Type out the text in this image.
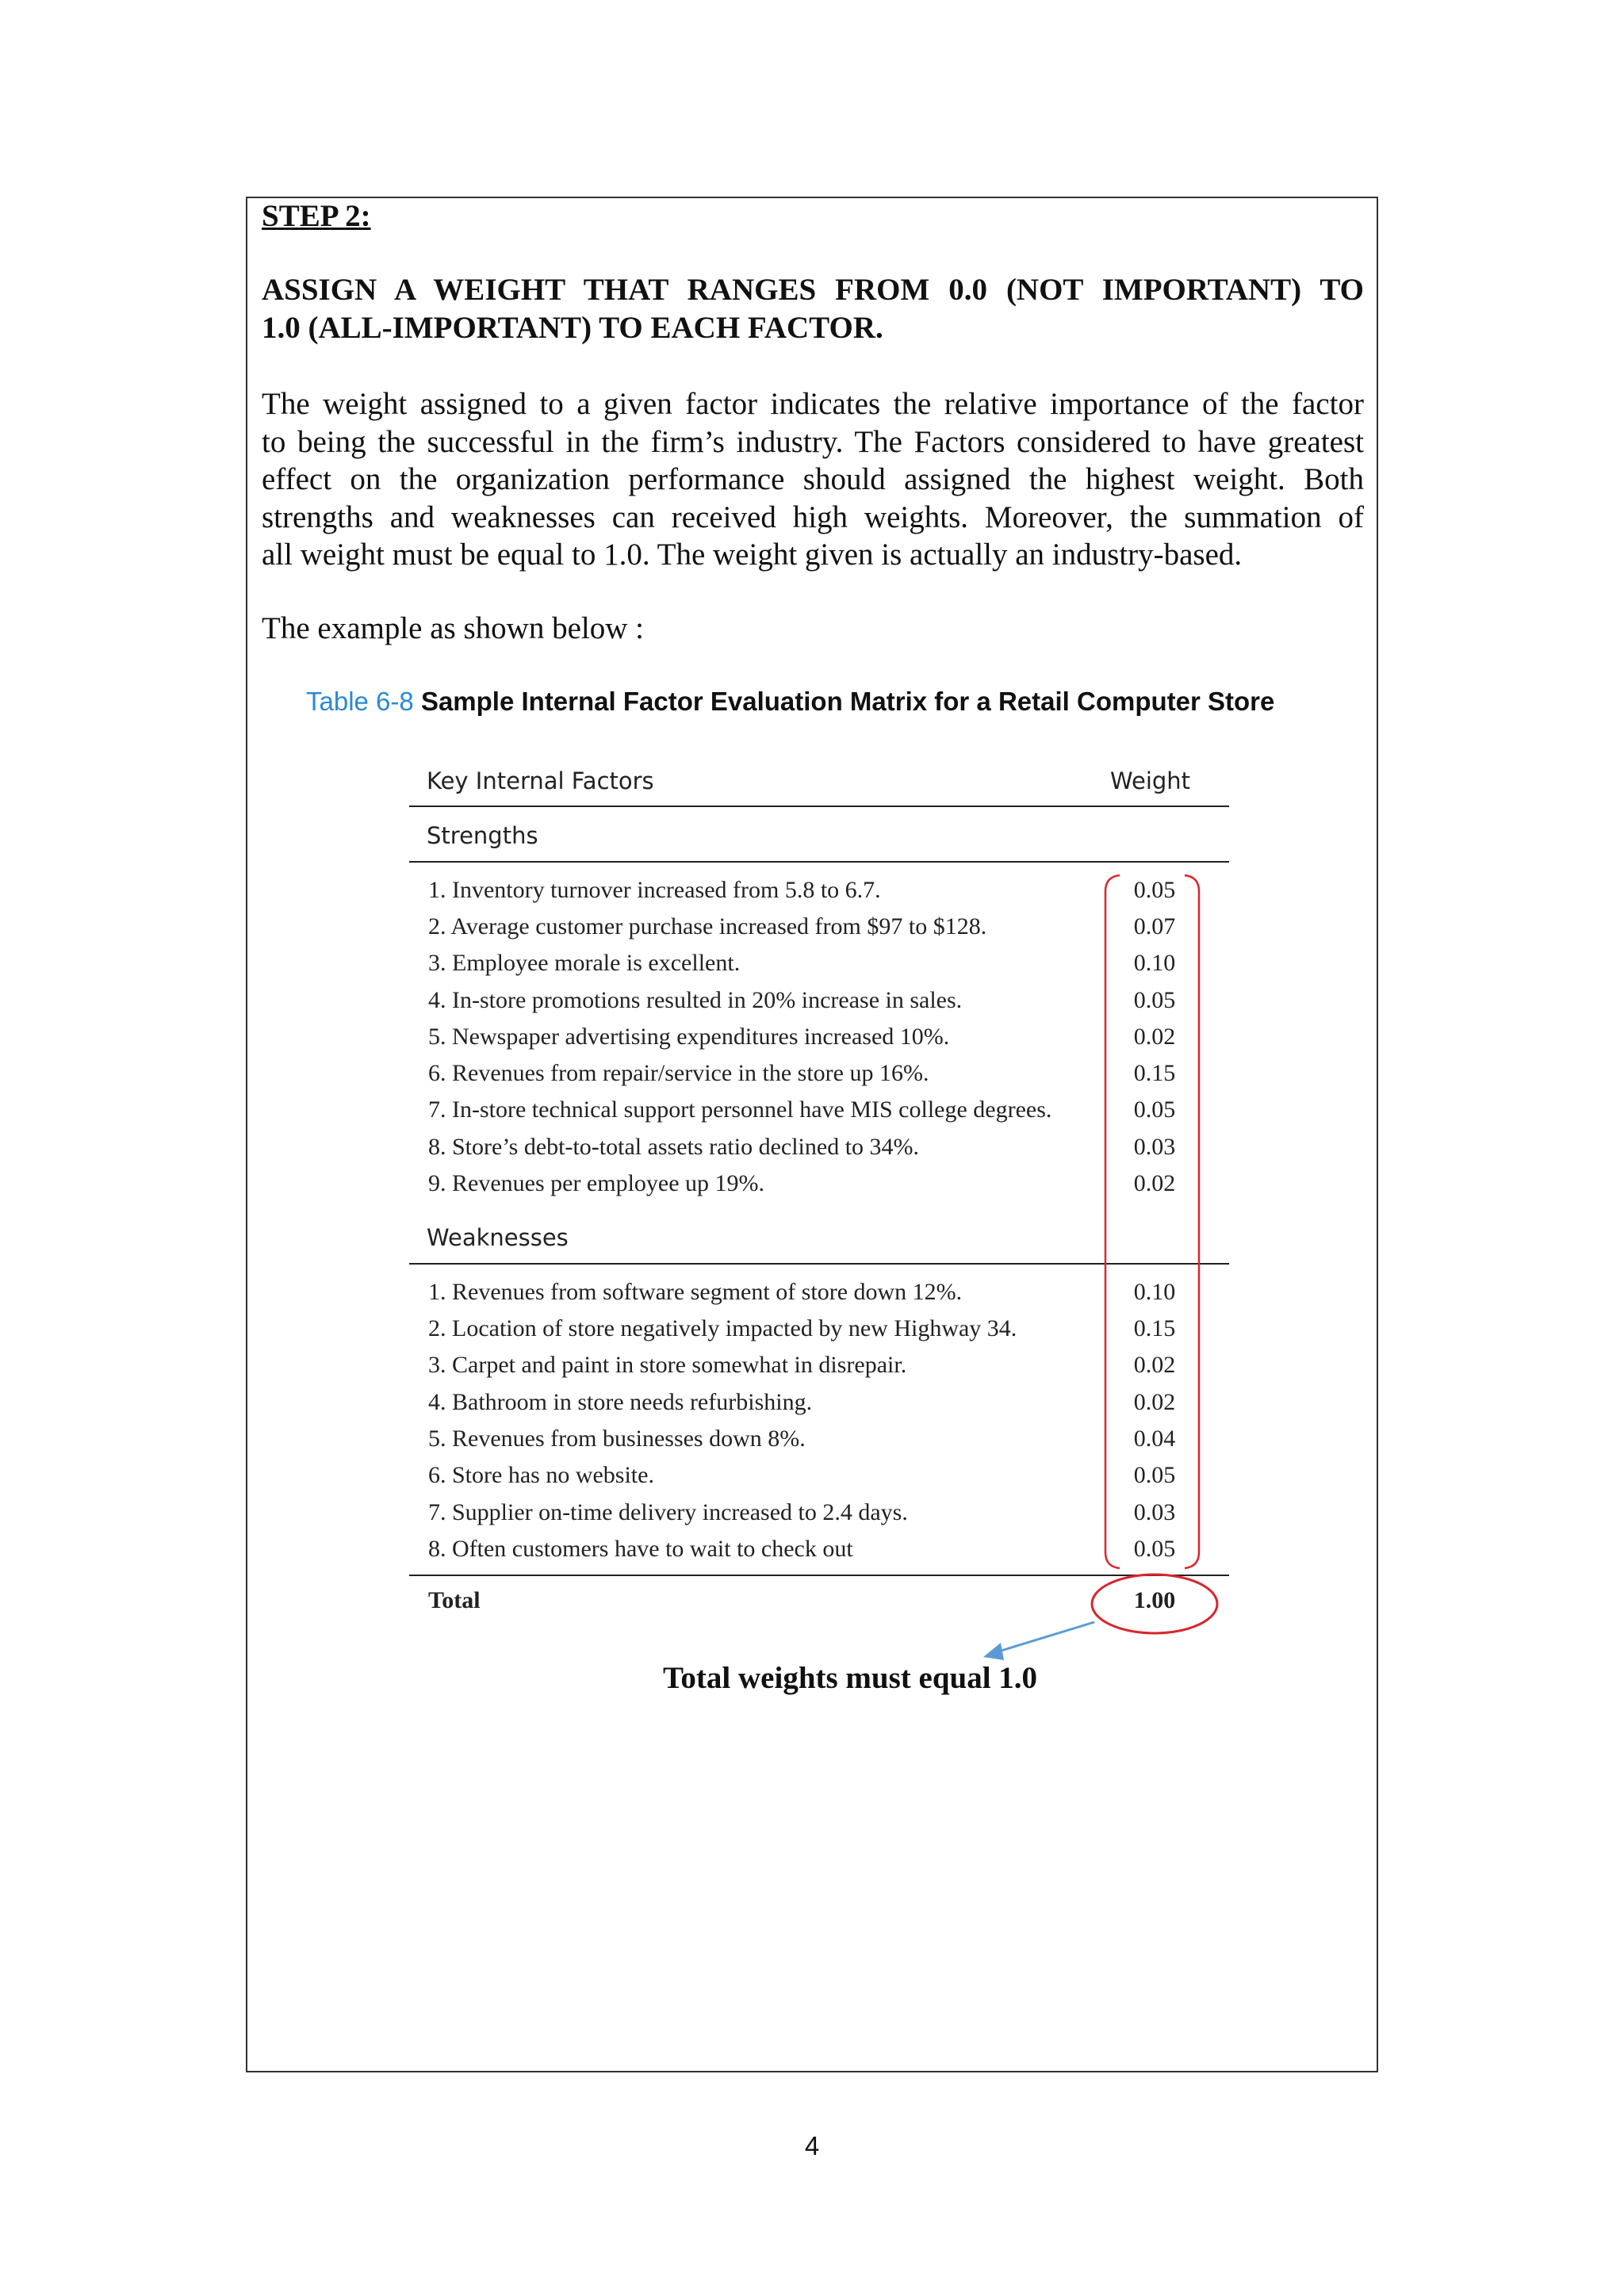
STEP 2:
ASSIGN A WEIGHT THAT RANGES FROM 0.0 (NOT IMPORTANT) TO
1.0 (ALL-IMPORTANT) TO EACH FACTOR.
The weight assigned to a given factor indicates the relative importance of the factor
to being the successful in the firm’s industry. The Factors considered to have greatest
effect on the organization performance should assigned the highest weight. Both
strengths and weaknesses can received high weights. Moreover, the summation of
all weight must be equal to 1.0. The weight given is actually an industry-based.

The example as shown below :

Table 6-8 Sample Internal Factor Evaluation Matrix for a Retail Computer Store

Key Internal Factors	Weight
Strengths
1. Inventory turnover increased from 5.8 to 6.7.	0.05
2. Average customer purchase increased from $97 to $128.	0.07
3. Employee morale is excellent.	0.10
4. In-store promotions resulted in 20% increase in sales.	0.05
5. Newspaper advertising expenditures increased 10%.	0.02
6. Revenues from repair/service in the store up 16%.	0.15
7. In-store technical support personnel have MIS college degrees.	0.05
8. Store’s debt-to-total assets ratio declined to 34%.	0.03
9. Revenues per employee up 19%.	0.02
Weaknesses
1. Revenues from software segment of store down 12%.	0.10
2. Location of store negatively impacted by new Highway 34.	0.15
3. Carpet and paint in store somewhat in disrepair.	0.02
4. Bathroom in store needs refurbishing.	0.02
5. Revenues from businesses down 8%.	0.04
6. Store has no website.	0.05
7. Supplier on-time delivery increased to 2.4 days.	0.03
8. Often customers have to wait to check out	0.05
Total	1.00

Total weights must equal 1.0

4
